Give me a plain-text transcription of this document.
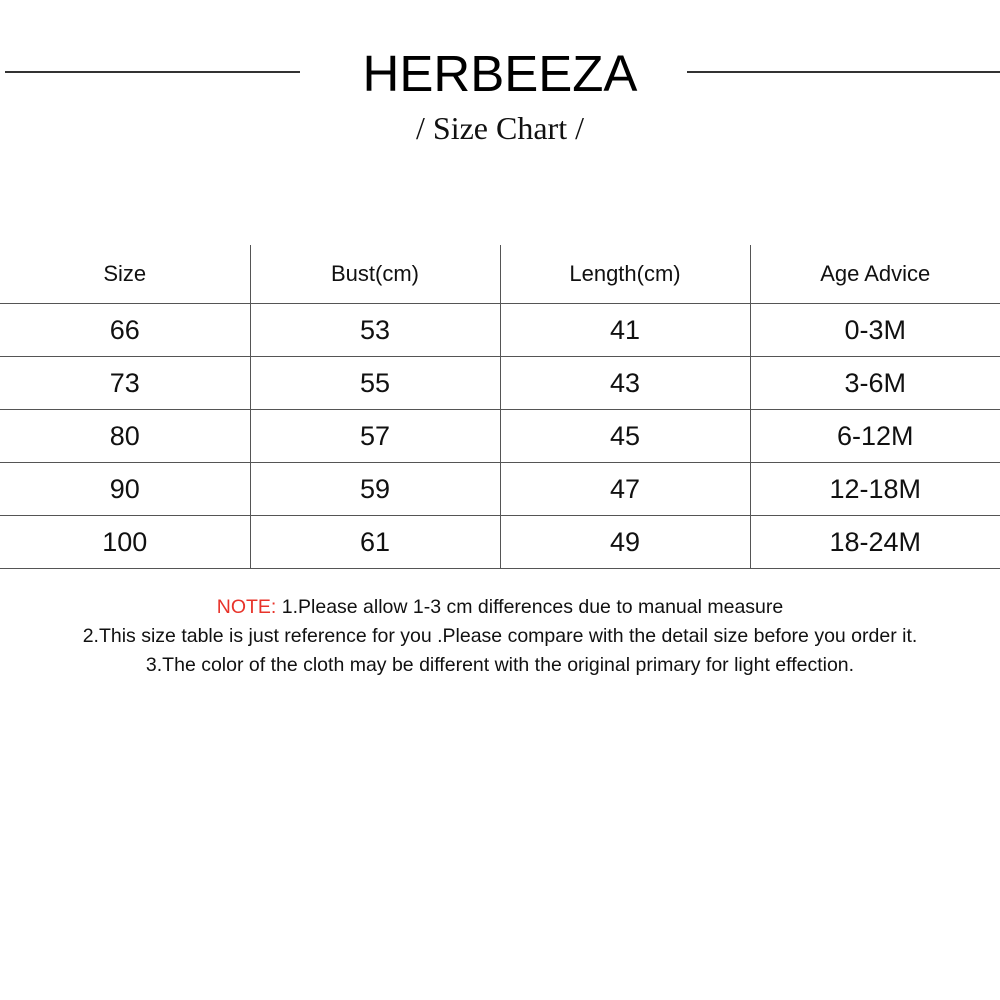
HERBEEZA
/ Size Chart /
Size	Bust(cm)	Length(cm)	Age Advice
66	53	41	0-3M
73	55	43	3-6M
80	57	45	6-12M
90	59	47	12-18M
100	61	49	18-24M
NOTE: 1.Please allow 1-3 cm differences due to manual measure
2.This size table is just reference for you .Please compare with the detail size before you order it.
3.The color of the cloth may be different with the original primary for light effection.
